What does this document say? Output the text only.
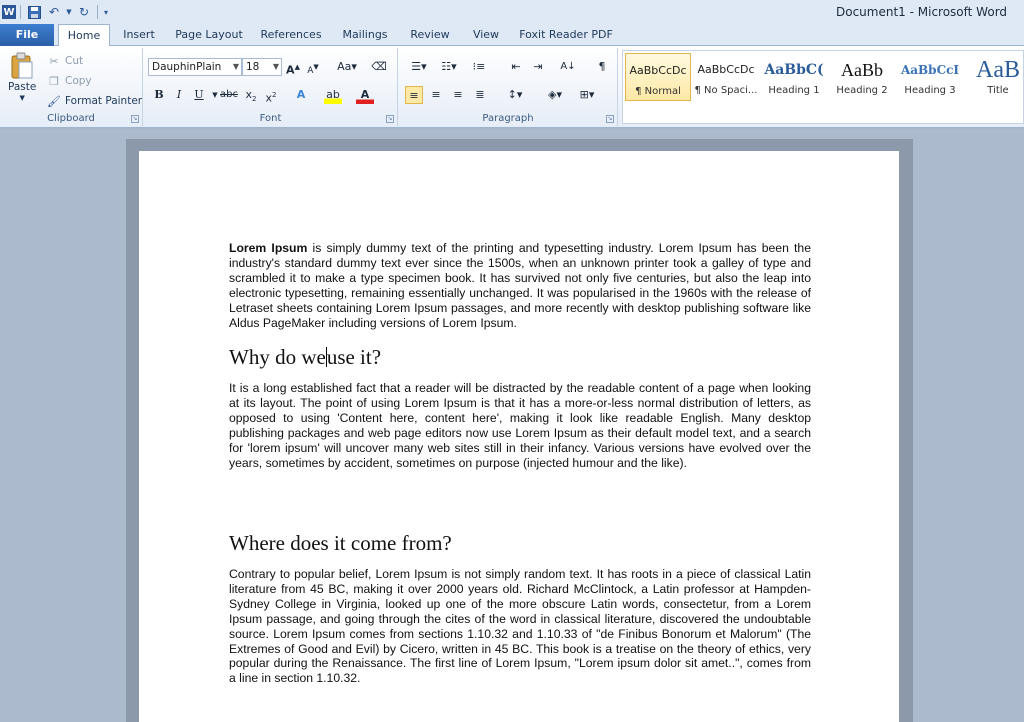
W	↶	▼ ↻	▾	Document1 - Microsoft Word
File	Home	Insert	Page Layout References	Mailings	Review	View	Foxit Reader PDF
Paste
▼
✂ Cut
❐ Copy
🖌 Format Painter
Clipboard	↘
DauphinPlain ▼ 18 ▼ A▲ A▼ Aa▾ ⌫
B	I	U	▼ abc $x_2$ $x^2$	A	ab	A
Font	↘
☰▾	☷▾	⁝≡	⇤	⇥	A↓	¶
≡	≡	≡	≣	↕▾	◈▾	⊞▾
Paragraph	↘
AaBbCcDc
¶ Normal
AaBbCcDc
¶ No Spaci...
AaBbC(
Heading 1
AaBb
Heading 2
AaBbCcI
Heading 3
AaB
Title

Lorem Ipsum is simply dummy text of the printing and typesetting industry. Lorem Ipsum has been the industry's standard dummy text ever since the 1500s, when an unknown printer took a galley of type and scrambled it to make a type specimen book. It has survived not only five centuries, but also the leap into electronic typesetting, remaining essentially unchanged. It was popularised in the 1960s with the release of Letraset sheets containing Lorem Ipsum passages, and more recently with desktop publishing software like Aldus PageMaker including versions of Lorem Ipsum.

Why do weuse it?

It is a long established fact that a reader will be distracted by the readable content of a page when looking at its layout. The point of using Lorem Ipsum is that it has a more-or-less normal distribution of letters, as opposed to using 'Content here, content here', making it look like readable English. Many desktop publishing packages and web page editors now use Lorem Ipsum as their default model text, and a search for 'lorem ipsum' will uncover many web sites still in their infancy. Various versions have evolved over the years, sometimes by accident, sometimes on purpose (injected humour and the like).

Where does it come from?

Contrary to popular belief, Lorem Ipsum is not simply random text. It has roots in a piece of classical Latin literature from 45 BC, making it over 2000 years old. Richard McClintock, a Latin professor at Hampden-Sydney College in Virginia, looked up one of the more obscure Latin words, consectetur, from a Lorem Ipsum passage, and going through the cites of the word in classical literature, discovered the undoubtable source. Lorem Ipsum comes from sections 1.10.32 and 1.10.33 of "de Finibus Bonorum et Malorum" (The Extremes of Good and Evil) by Cicero, written in 45 BC. This book is a treatise on the theory of ethics, very popular during the Renaissance. The first line of Lorem Ipsum, "Lorem ipsum dolor sit amet..", comes from a line in section 1.10.32.
